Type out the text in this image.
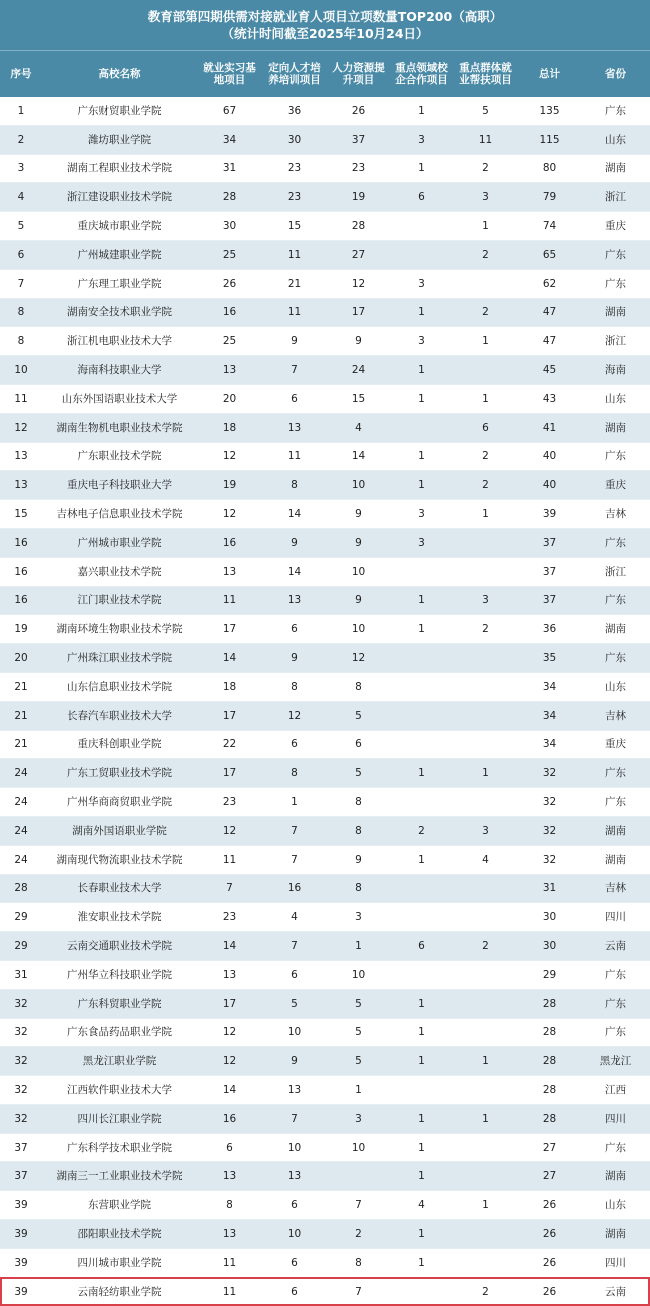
教育部第四期供需对接就业育人项目立项数量TOP200（高职）
（统计时间截至2025年10月24日）
序号	高校名称	就业实习基地项目	定向人才培养培训项目	人力资源提升项目	重点领域校企合作项目	重点群体就业帮扶项目	总计	省份
1	广东财贸职业学院	67	36	26	1	5	135	广东
2	潍坊职业学院	34	30	37	3	11	115	山东
3	湖南工程职业技术学院	31	23	23	1	2	80	湖南
4	浙江建设职业技术学院	28	23	19	6	3	79	浙江
5	重庆城市职业学院	30	15	28		1	74	重庆
6	广州城建职业学院	25	11	27		2	65	广东
7	广东理工职业学院	26	21	12	3		62	广东
8	湖南安全技术职业学院	16	11	17	1	2	47	湖南
8	浙江机电职业技术大学	25	9	9	3	1	47	浙江
10	海南科技职业大学	13	7	24	1		45	海南
11	山东外国语职业技术大学	20	6	15	1	1	43	山东
12	湖南生物机电职业技术学院	18	13	4		6	41	湖南
13	广东职业技术学院	12	11	14	1	2	40	广东
13	重庆电子科技职业大学	19	8	10	1	2	40	重庆
15	吉林电子信息职业技术学院	12	14	9	3	1	39	吉林
16	广州城市职业学院	16	9	9	3		37	广东
16	嘉兴职业技术学院	13	14	10			37	浙江
16	江门职业技术学院	11	13	9	1	3	37	广东
19	湖南环境生物职业技术学院	17	6	10	1	2	36	湖南
20	广州珠江职业技术学院	14	9	12			35	广东
21	山东信息职业技术学院	18	8	8			34	山东
21	长春汽车职业技术大学	17	12	5			34	吉林
21	重庆科创职业学院	22	6	6			34	重庆
24	广东工贸职业技术学院	17	8	5	1	1	32	广东
24	广州华商商贸职业学院	23	1	8			32	广东
24	湖南外国语职业学院	12	7	8	2	3	32	湖南
24	湖南现代物流职业技术学院	11	7	9	1	4	32	湖南
28	长春职业技术大学	7	16	8			31	吉林
29	淮安职业技术学院	23	4	3			30	四川
29	云南交通职业技术学院	14	7	1	6	2	30	云南
31	广州华立科技职业学院	13	6	10			29	广东
32	广东科贸职业学院	17	5	5	1		28	广东
32	广东食品药品职业学院	12	10	5	1		28	广东
32	黑龙江职业学院	12	9	5	1	1	28	黑龙江
32	江西软件职业技术大学	14	13	1			28	江西
32	四川长江职业学院	16	7	3	1	1	28	四川
37	广东科学技术职业学院	6	10	10	1		27	广东
37	湖南三一工业职业技术学院	13	13		1		27	湖南
39	东营职业学院	8	6	7	4	1	26	山东
39	邵阳职业技术学院	13	10	2	1		26	湖南
39	四川城市职业学院	11	6	8	1		26	四川
39	云南轻纺职业学院	11	6	7		2	26	云南
